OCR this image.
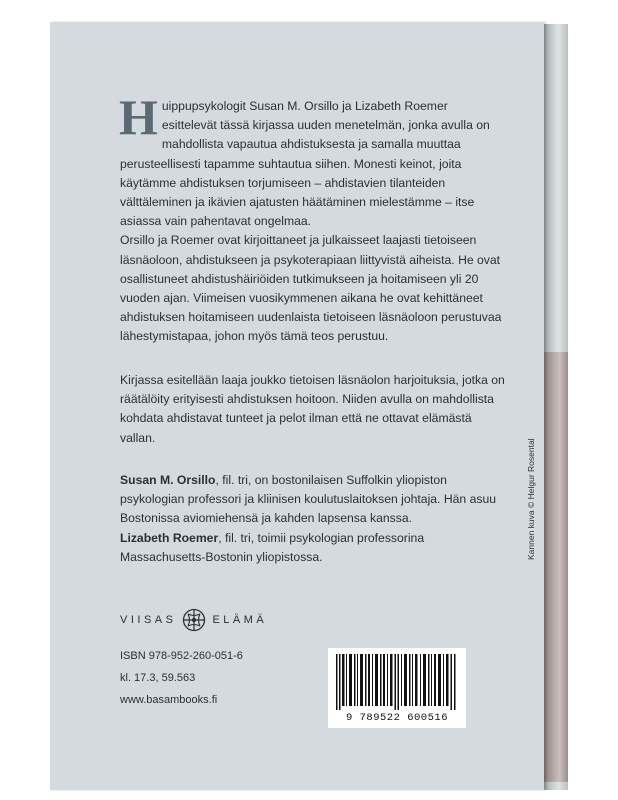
Huippupsykologit Susan M. Orsillo ja Lizabeth Roemer esittelevät tässä kirjassa uuden menetelmän, jonka avulla on mahdollista vapautua ahdistuksesta ja samalla muuttaa perusteellisesti tapamme suhtautua siihen. Monesti keinot, joita käytämme ahdistuksen torjumiseen – ahdistavien tilanteiden välttäleminen ja ikävien ajatusten häätäminen mielestämme – itse asiassa vain pahentavat ongelmaa.

Orsillo ja Roemer ovat kirjoittaneet ja julkaisseet laajasti tietoiseen läsnäoloon, ahdistukseen ja psykoterapiaan liittyvistä aiheista. He ovat osallistuneet ahdistushäiriöiden tutkimukseen ja hoitamiseen yli 20 vuoden ajan. Viimeisen vuosikymmenen aikana he ovat kehittäneet ahdistuksen hoitamiseen uudenlaista tietoiseen läsnäoloon perustuvaa lähestymistapaa, johon myös tämä teos perustuu.

Kirjassa esitellään laaja joukko tietoisen läsnäolon harjoituksia, jotka on räätälöity erityisesti ahdistuksen hoitoon. Niiden avulla on mahdollista kohdata ahdistavat tunteet ja pelot ilman että ne ottavat elämästä vallan.

Susan M. Orsillo, fil. tri, on bostonilaisen Suffolkin yliopiston psykologian professori ja kliinisen koulutuslaitoksen johtaja. Hän asuu Bostonissa aviomiehensä ja kahden lapsensa kanssa.

Lizabeth Roemer, fil. tri, toimii psykologian professorina Massachusetts-Bostonin yliopistossa.

VIISAS	ELÄMÄ
ISBN 978-952-260-051-6
kl. 17.3, 59.563
www.basambooks.fi
9 789522 600516
Kannen kuva © Helgur Rosental
